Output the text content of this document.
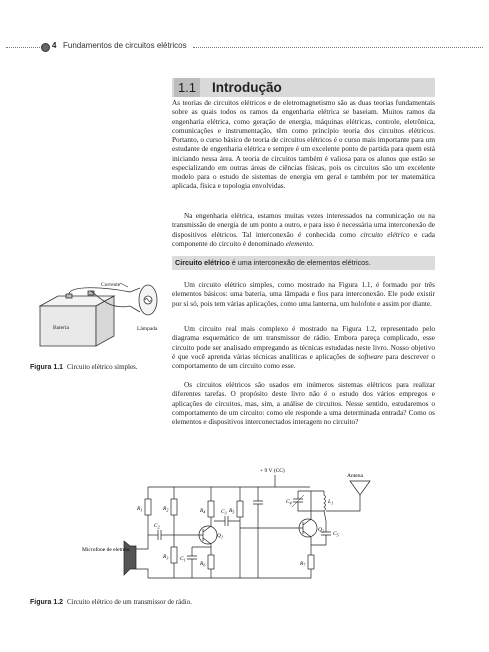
4 Fundamentos de circuitos elétricos
1.1 Introdução

As teorias de circuitos elétricos e de eletromagnetismo são as duas teorias fundamentais sobre as quais todos os ramos da engenharia elétrica se baseiam. Muitos ramos da engenharia elétrica, como geração de energia, máquinas elétricas, controle, eletrônica, comunicações e instrumentação, têm como princípio teoria dos circuitos elétricos. Portanto, o curso básico de teoria de circuitos elétricos é o curso mais importante para um estudante de engenharia elétrica e sempre é um excelente ponto de partida para quem está iniciando nessa área. A teoria de circuitos também é valiosa para os alunos que estão se especializando em outras áreas de ciências físicas, pois os circuitos são um excelente modelo para o estudo de sistemas de energia em geral e também por ter matemática aplicada, física e topologia envolvidas.

Na engenharia elétrica, estamos muitas vezes interessados na comunicação ou na transmissão de energia de um ponto a outro, e para isso é necessária uma interconexão de dispositivos elétricos. Tal interconexão é conhecida como circuito elétrico e cada componente do circuito é denominado elemento.

Circuito elétrico é uma interconexão de elementos elétricos.

Um circuito elétrico simples, como mostrado na Figura 1.1, é formado por três elementos básicos: uma bateria, uma lâmpada e fios para interconexão. Ele pode existir por si só, pois tem várias aplicações, como uma lanterna, um holofote e assim por diante.

Um circuito real mais complexo é mostrado na Figura 1.2, representado pelo diagrama esquemático de um transmissor de rádio. Embora pareça complicado, esse circuito pode ser analisado empregando as técnicas estudadas neste livro. Nosso objetivo é que você aprenda várias técnicas analíticas e aplicações de software para descrever o comportamento de um circuito como esse.

Os circuitos elétricos são usados em inúmeros sistemas elétricos para realizar diferentes tarefas. O propósito deste livro não é o estudo dos vários empregos e aplicações de circuitos, mas, sim, a análise de circuitos. Nesse sentido, estudaremos o comportamento de um circuito: como ele responde a uma determinada entrada? Como os elementos e dispositivos interconectados interagem no circuito?

Corrente
Bateria	Lâmpada
Figura 1.1 Circuito elétrico simples.
+ 9 V (CC)
Antena
Microfone de eletreto
$R_1$	$R_2$
$R_3$
$R_4$	$R_5$
$R_6$	$R_7$
$C_1$
$C_2$
$C_3$
$C_4$
$C_5$
$L_1$
$Q_1$
$Q_2$
Figura 1.2 Circuito elétrico de um transmissor de rádio.
